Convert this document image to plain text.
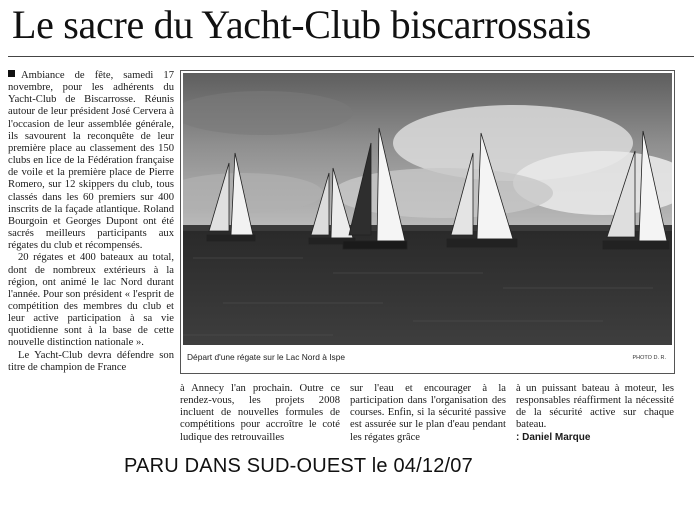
Le sacre du Yacht-Club biscarrossais

Ambiance de fête, samedi 17 novembre, pour les adhérents du Yacht-Club de Biscarrosse. Réunis autour de leur président José Cervera à l'occasion de leur assemblée générale, ils savourent la reconquête de leur première place au classement des 150 clubs en lice de la Fédération française de voile et la première place de Pierre Romero, sur 12 skippers du club, tous classés dans les 60 premiers sur 400 inscrits de la façade atlantique. Roland Bourgoin et Georges Dupont ont été sacrés meilleurs participants aux régates du club et récompensés.

20 régates et 400 bateaux au total, dont de nombreux extérieurs à la région, ont animé le lac Nord durant l'année. Pour son président « l'esprit de compétition des membres du club et leur active participation à sa vie quotidienne sont à la base de cette nouvelle distinction nationale ».

Le Yacht-Club devra défendre son titre de champion de France

Départ d'une régate sur le Lac Nord à Ispe	PHOTO D. R.

à Annecy l'an prochain. Outre ce rendez-vous, les projets 2008 incluent de nouvelles formules de compétitions pour accroître le coté ludique des retrouvailles

sur l'eau et encourager à la participation dans l'organisation des courses. Enfin, si la sécurité passive est assurée sur le plan d'eau pendant les régates grâce

à un puissant bateau à moteur, les responsables réaffirment la nécessité de la sécurité active sur chaque bateau.

: Daniel Marque

PARU DANS SUD-OUEST le 04/12/07
